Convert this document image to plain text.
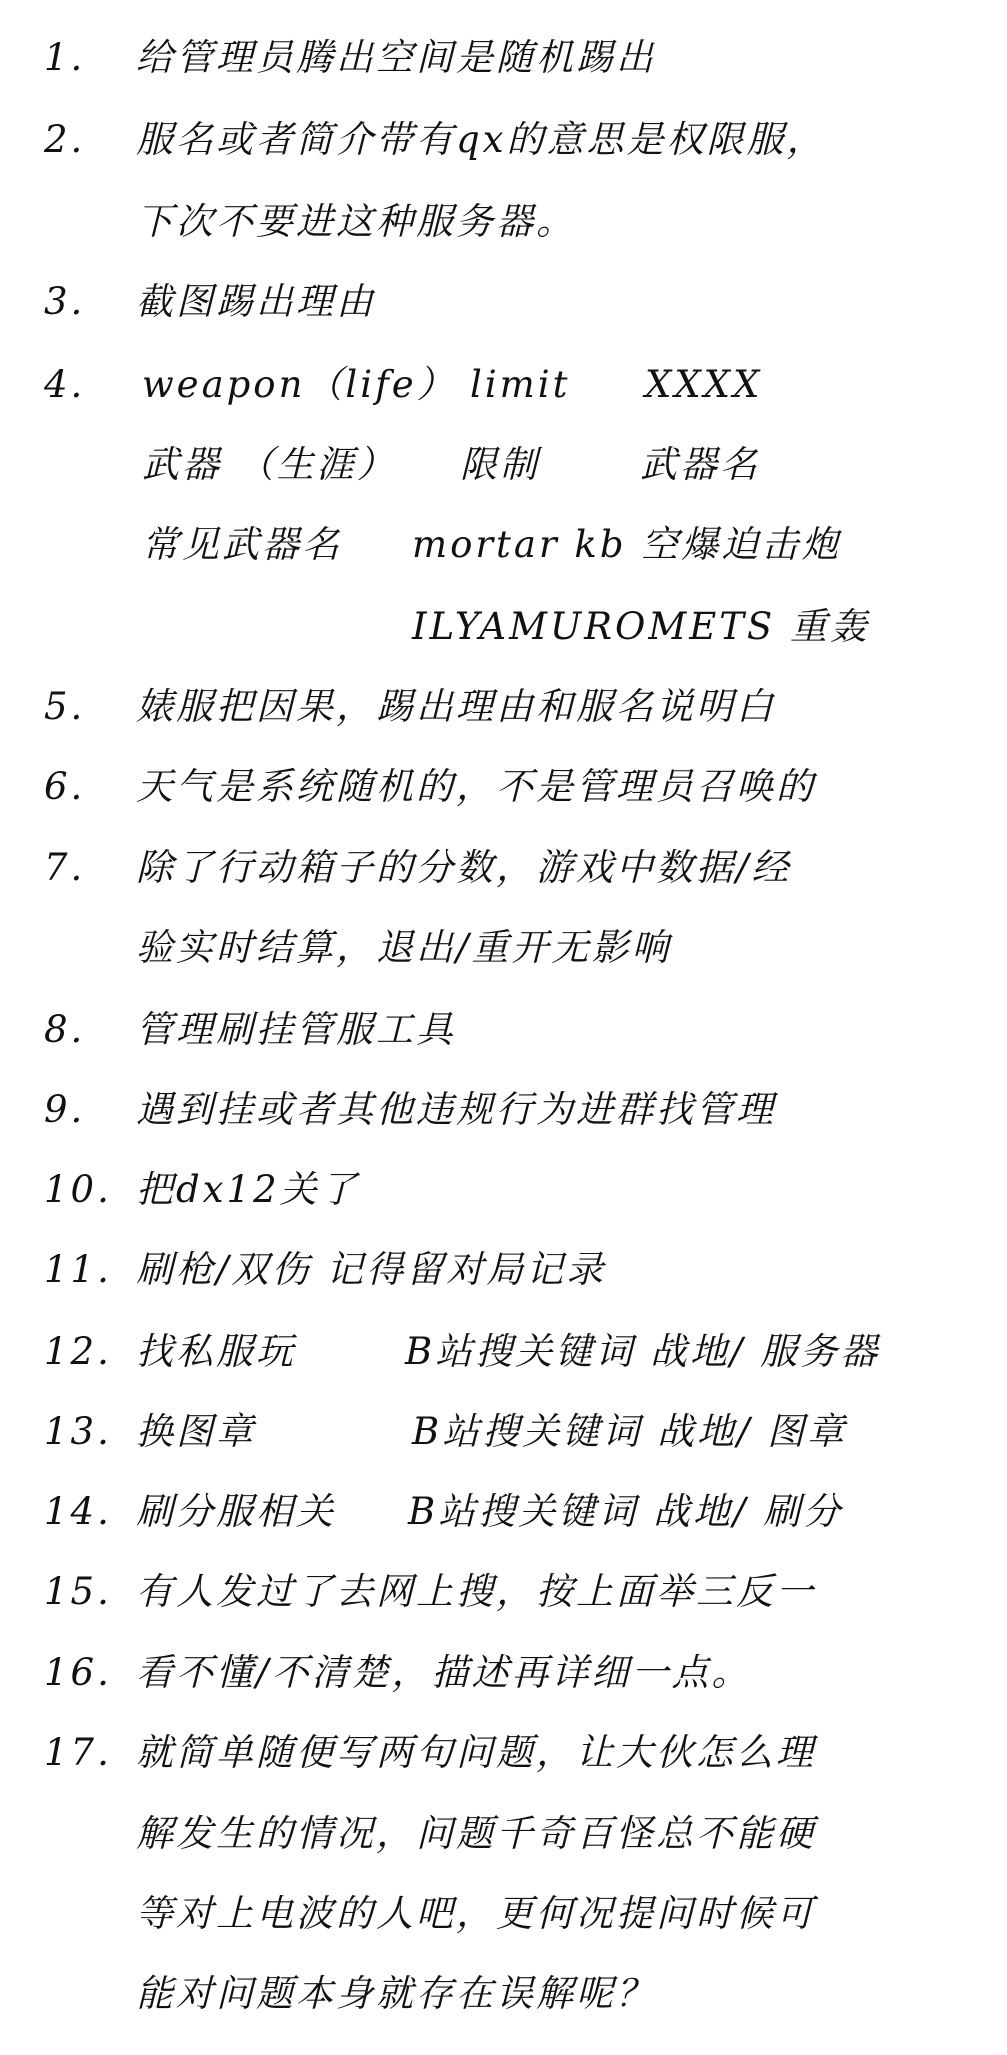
1.	给管理员腾出空间是随机踢出
2.	服名或者简介带有qx的意思是权限服，
下次不要进这种服务器。
3.	截图踢出理由
4.	weapon（life） limit XXXX
武器 （生涯） 限制	武器名
常见武器名 mortar kb 空爆迫击炮
ILYAMUROMETS 重轰
5.	婊服把因果，踢出理由和服名说明白
6.	天气是系统随机的，不是管理员召唤的
7.	除了行动箱子的分数，游戏中数据/经
验实时结算，退出/重开无影响
8.	管理刷挂管服工具
9.	遇到挂或者其他违规行为进群找管理
10. 把dx12关了
11. 刷枪/双伤 记得留对局记录
12. 找私服玩	B站搜关键词 战地/ 服务器
13. 换图章	B站搜关键词 战地/ 图章
14. 刷分服相关 B站搜关键词 战地/ 刷分
15. 有人发过了去网上搜，按上面举三反一
16. 看不懂/不清楚，描述再详细一点。
17. 就简单随便写两句问题，让大伙怎么理
解发生的情况，问题千奇百怪总不能硬
等对上电波的人吧，更何况提问时候可
能对问题本身就存在误解呢？
